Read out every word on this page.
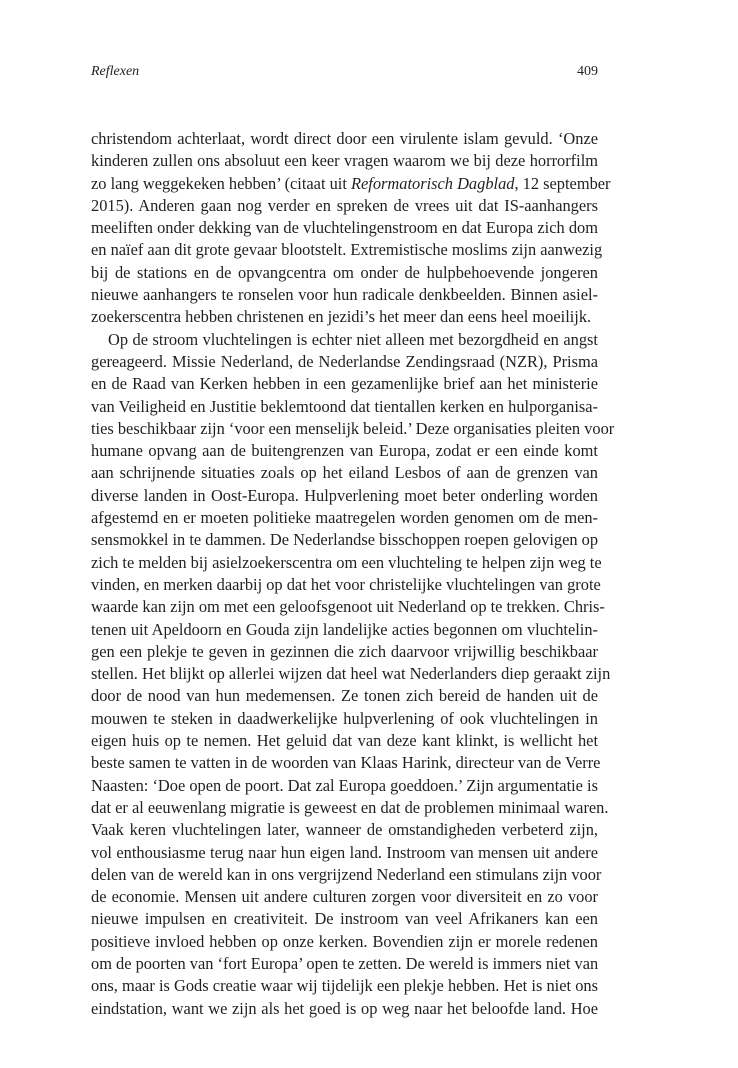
Reflexen	409
christendom achterlaat, wordt direct door een virulente islam gevuld. ‘Onze
kinderen zullen ons absoluut een keer vragen waarom we bij deze horrorfilm
zo lang weggekeken hebben’ (citaat uit Reformatorisch Dagblad, 12 september
2015). Anderen gaan nog verder en spreken de vrees uit dat IS-aanhangers
meeliften onder dekking van de vluchtelingenstroom en dat Europa zich dom
en naïef aan dit grote gevaar blootstelt. Extremistische moslims zijn aanwezig
bij de stations en de opvangcentra om onder de hulpbehoevende jongeren
nieuwe aanhangers te ronselen voor hun radicale denkbeelden. Binnen asiel-
zoekerscentra hebben christenen en jezidi’s het meer dan eens heel moeilijk.
Op de stroom vluchtelingen is echter niet alleen met bezorgdheid en angst
gereageerd. Missie Nederland, de Nederlandse Zendingsraad (NZR), Prisma
en de Raad van Kerken hebben in een gezamenlijke brief aan het ministerie
van Veiligheid en Justitie beklemtoond dat tientallen kerken en hulporganisa-
ties beschikbaar zijn ‘voor een menselijk beleid.’ Deze organisaties pleiten voor
humane opvang aan de buitengrenzen van Europa, zodat er een einde komt
aan schrijnende situaties zoals op het eiland Lesbos of aan de grenzen van
diverse landen in Oost-Europa. Hulpverlening moet beter onderling worden
afgestemd en er moeten politieke maatregelen worden genomen om de men-
sensmokkel in te dammen. De Nederlandse bisschoppen roepen gelovigen op
zich te melden bij asielzoekerscentra om een vluchteling te helpen zijn weg te
vinden, en merken daarbij op dat het voor christelijke vluchtelingen van grote
waarde kan zijn om met een geloofsgenoot uit Nederland op te trekken. Chris-
tenen uit Apeldoorn en Gouda zijn landelijke acties begonnen om vluchtelin-
gen een plekje te geven in gezinnen die zich daarvoor vrijwillig beschikbaar
stellen. Het blijkt op allerlei wijzen dat heel wat Nederlanders diep geraakt zijn
door de nood van hun medemensen. Ze tonen zich bereid de handen uit de
mouwen te steken in daadwerkelijke hulpverlening of ook vluchtelingen in
eigen huis op te nemen. Het geluid dat van deze kant klinkt, is wellicht het
beste samen te vatten in de woorden van Klaas Harink, directeur van de Verre
Naasten: ‘Doe open de poort. Dat zal Europa goeddoen.’ Zijn argumentatie is
dat er al eeuwenlang migratie is geweest en dat de problemen minimaal waren.
Vaak keren vluchtelingen later, wanneer de omstandigheden verbeterd zijn,
vol enthousiasme terug naar hun eigen land. Instroom van mensen uit andere
delen van de wereld kan in ons vergrijzend Nederland een stimulans zijn voor
de economie. Mensen uit andere culturen zorgen voor diversiteit en zo voor
nieuwe impulsen en creativiteit. De instroom van veel Afrikaners kan een
positieve invloed hebben op onze kerken. Bovendien zijn er morele redenen
om de poorten van ‘fort Europa’ open te zetten. De wereld is immers niet van
ons, maar is Gods creatie waar wij tijdelijk een plekje hebben. Het is niet ons
eindstation, want we zijn als het goed is op weg naar het beloofde land. Hoe
